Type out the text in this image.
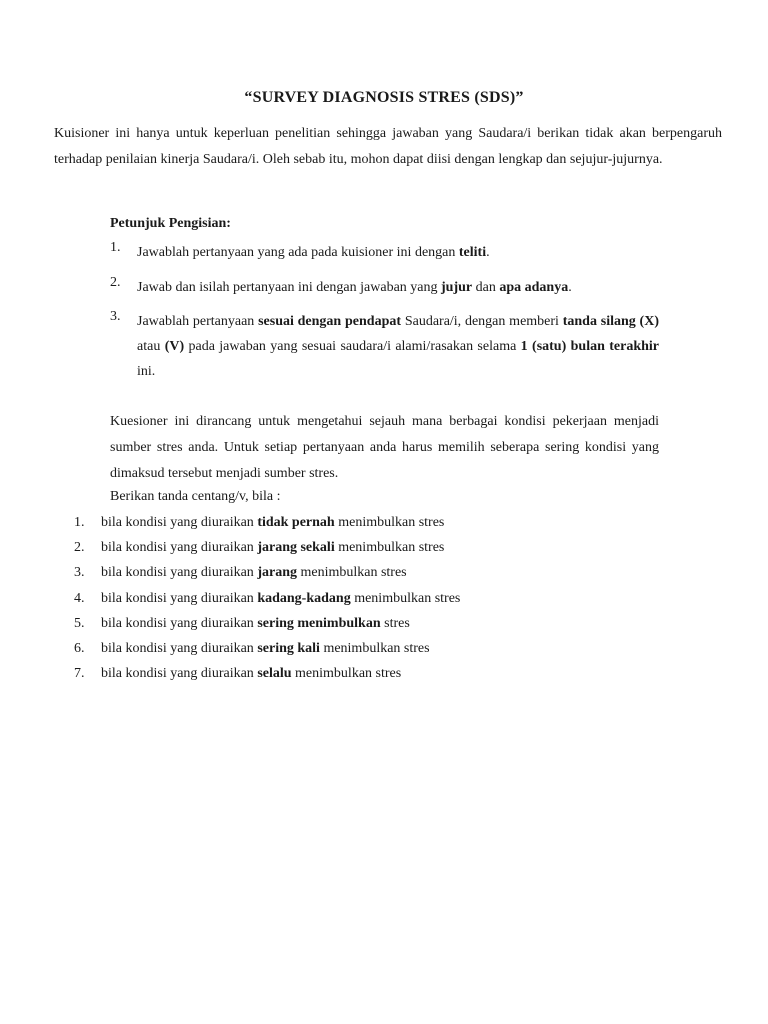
“SURVEY DIAGNOSIS STRES (SDS)”

Kuisioner ini hanya untuk keperluan penelitian sehingga jawaban yang Saudara/i berikan tidak akan berpengaruh terhadap penilaian kinerja Saudara/i. Oleh sebab itu, mohon dapat diisi dengan lengkap dan sejujur-jujurnya.

Petunjuk Pengisian:
1. Jawablah pertanyaan yang ada pada kuisioner ini dengan teliti.
2. Jawab dan isilah pertanyaan ini dengan jawaban yang jujur dan apa adanya.
3. Jawablah pertanyaan sesuai dengan pendapat Saudara/i, dengan memberi tanda silang (X) atau (V) pada jawaban yang sesuai saudara/i alami/rasakan selama 1 (satu) bulan terakhir ini.

Kuesioner ini dirancang untuk mengetahui sejauh mana berbagai kondisi pekerjaan menjadi sumber stres anda. Untuk setiap pertanyaan anda harus memilih seberapa sering kondisi yang dimaksud tersebut menjadi sumber stres.

Berikan tanda centang/v, bila :
1. bila kondisi yang diuraikan tidak pernah menimbulkan stres
2. bila kondisi yang diuraikan jarang sekali menimbulkan stres
3. bila kondisi yang diuraikan jarang menimbulkan stres
4. bila kondisi yang diuraikan kadang-kadang menimbulkan stres
5. bila kondisi yang diuraikan sering menimbulkan stres
6. bila kondisi yang diuraikan sering kali menimbulkan stres
7. bila kondisi yang diuraikan selalu menimbulkan stres
